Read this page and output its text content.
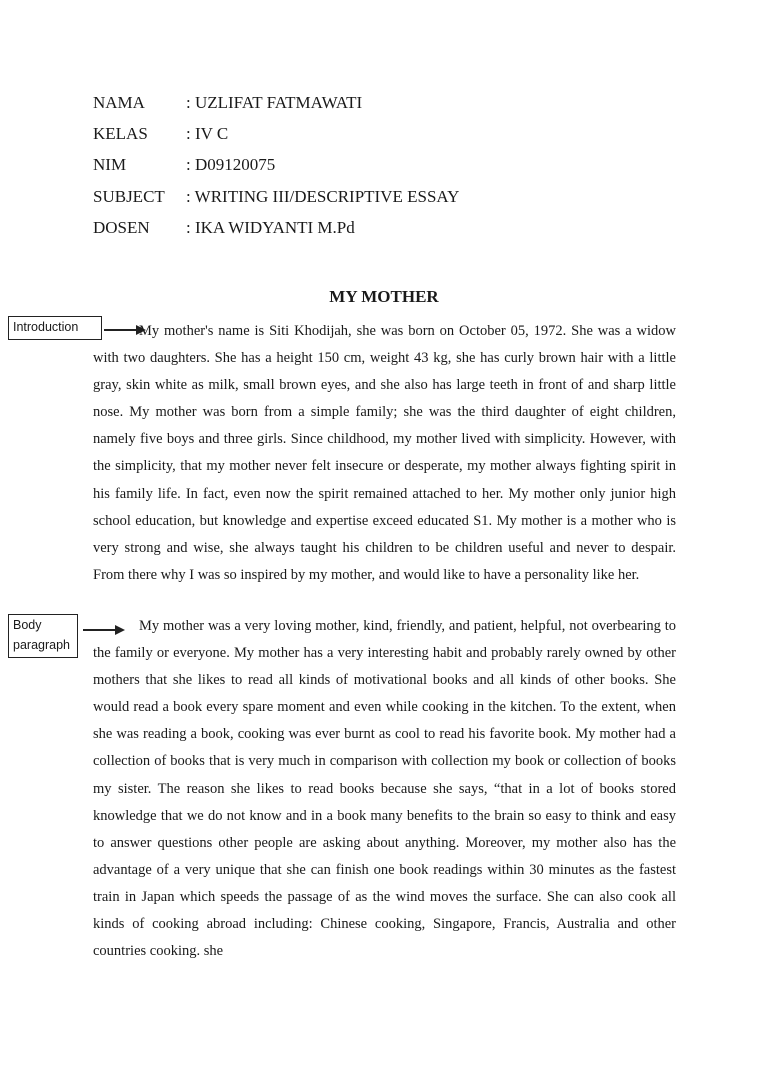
NAMA : UZLIFAT FATMAWATI
KELAS : IV C
NIM	: D09120075
SUBJECT : WRITING III/DESCRIPTIVE ESSAY
DOSEN : IKA WIDYANTI M.Pd
MY MOTHER
Introduction	My mother's name is Siti Khodijah, she was born on October 05, 1972. She was a widow with two daughters. She has a height 150 cm, weight 43 kg, she has curly brown hair with a little gray, skin white as milk, small brown eyes, and she also has large teeth in front of and sharp little nose. My mother was born from a simple family; she was the third daughter of eight children, namely five boys and three girls. Since childhood, my mother lived with simplicity. However, with the simplicity, that my mother never felt insecure or desperate, my mother always fighting spirit in his family life. In fact, even now the spirit remained attached to her. My mother only junior high school education, but knowledge and expertise exceed educated S1. My mother is a mother who is very strong and wise, she always taught his children to be children useful and never to despair. From there why I was so inspired by my mother, and would like to have a personality like her.
Body
paragraph
My mother was a very loving mother, kind, friendly, and patient, helpful, not overbearing to the family or everyone. My mother has a very interesting habit and probably rarely owned by other mothers that she likes to read all kinds of motivational books and all kinds of other books. She would read a book every spare moment and even while cooking in the kitchen. To the extent, when she was reading a book, cooking was ever burnt as cool to read his favorite book. My mother had a collection of books that is very much in comparison with collection my book or collection of books my sister. The reason she likes to read books because she says, “that in a lot of books stored knowledge that we do not know and in a book many benefits to the brain so easy to think and easy to answer questions other people are asking about anything. Moreover, my mother also has the advantage of a very unique that she can finish one book readings within 30 minutes as the fastest train in Japan which speeds the passage of as the wind moves the surface. She can also cook all kinds of cooking abroad including: Chinese cooking, Singapore, Francis, Australia and other countries cooking. she
